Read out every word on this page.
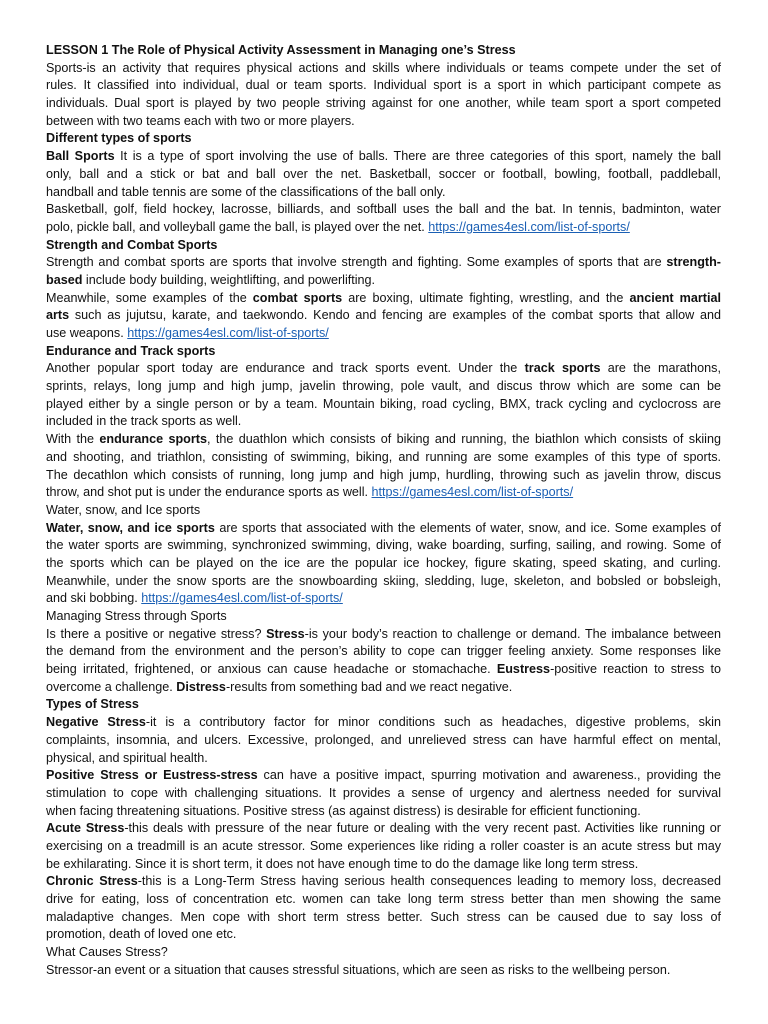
LESSON 1 The Role of Physical Activity Assessment in Managing one’s Stress
Sports-is an activity that requires physical actions and skills where individuals or teams compete under the set of
rules. It classified into individual, dual or team sports. Individual sport is a sport in which participant compete as
individuals. Dual sport is played by two people striving against for one another, while team sport a sport competed
between with two teams each with two or more players.
Different types of sports
Ball Sports It is a type of sport involving the use of balls. There are three categories of this sport, namely the ball
only, ball and a stick or bat and ball over the net. Basketball, soccer or football, bowling, football, paddleball,
handball and table tennis are some of the classifications of the ball only.
Basketball, golf, field hockey, lacrosse, billiards, and softball uses the ball and the bat. In tennis, badminton, water
polo, pickle ball, and volleyball game the ball, is played over the net. https://games4esl.com/list-of-sports/
Strength and Combat Sports
Strength and combat sports are sports that involve strength and fighting. Some examples of sports that are strength-
based include body building, weightlifting, and powerlifting.
Meanwhile, some examples of the combat sports are boxing, ultimate fighting, wrestling, and the ancient martial
arts such as jujutsu, karate, and taekwondo. Kendo and fencing are examples of the combat sports that allow and
use weapons. https://games4esl.com/list-of-sports/
Endurance and Track sports
Another popular sport today are endurance and track sports event. Under the track sports are the marathons,
sprints, relays, long jump and high jump, javelin throwing, pole vault, and discus throw which are some can be
played either by a single person or by a team. Mountain biking, road cycling, BMX, track cycling and cyclocross are
included in the track sports as well.
With the endurance sports, the duathlon which consists of biking and running, the biathlon which consists of skiing
and shooting, and triathlon, consisting of swimming, biking, and running are some examples of this type of sports.
The decathlon which consists of running, long jump and high jump, hurdling, throwing such as javelin throw, discus
throw, and shot put is under the endurance sports as well. https://games4esl.com/list-of-sports/
Water, snow, and Ice sports
Water, snow, and ice sports are sports that associated with the elements of water, snow, and ice. Some examples of
the water sports are swimming, synchronized swimming, diving, wake boarding, surfing, sailing, and rowing. Some of
the sports which can be played on the ice are the popular ice hockey, figure skating, speed skating, and curling.
Meanwhile, under the snow sports are the snowboarding skiing, sledding, luge, skeleton, and bobsled or bobsleigh,
and ski bobbing. https://games4esl.com/list-of-sports/
Managing Stress through Sports
Is there a positive or negative stress? Stress-is your body’s reaction to challenge or demand. The imbalance between
the demand from the environment and the person’s ability to cope can trigger feeling anxiety. Some responses like
being irritated, frightened, or anxious can cause headache or stomachache. Eustress-positive reaction to stress to
overcome a challenge. Distress-results from something bad and we react negative.
Types of Stress
Negative Stress-it is a contributory factor for minor conditions such as headaches, digestive problems, skin
complaints, insomnia, and ulcers. Excessive, prolonged, and unrelieved stress can have harmful effect on mental,
physical, and spiritual health.
Positive Stress or Eustress-stress can have a positive impact, spurring motivation and awareness., providing the
stimulation to cope with challenging situations. It provides a sense of urgency and alertness needed for survival
when facing threatening situations. Positive stress (as against distress) is desirable for efficient functioning.
Acute Stress-this deals with pressure of the near future or dealing with the very recent past. Activities like running or
exercising on a treadmill is an acute stressor. Some experiences like riding a roller coaster is an acute stress but may
be exhilarating. Since it is short term, it does not have enough time to do the damage like long term stress.
Chronic Stress-this is a Long-Term Stress having serious health consequences leading to memory loss, decreased
drive for eating, loss of concentration etc. women can take long term stress better than men showing the same
maladaptive changes. Men cope with short term stress better. Such stress can be caused due to say loss of
promotion, death of loved one etc.
What Causes Stress?
Stressor-an event or a situation that causes stressful situations, which are seen as risks to the wellbeing person.
